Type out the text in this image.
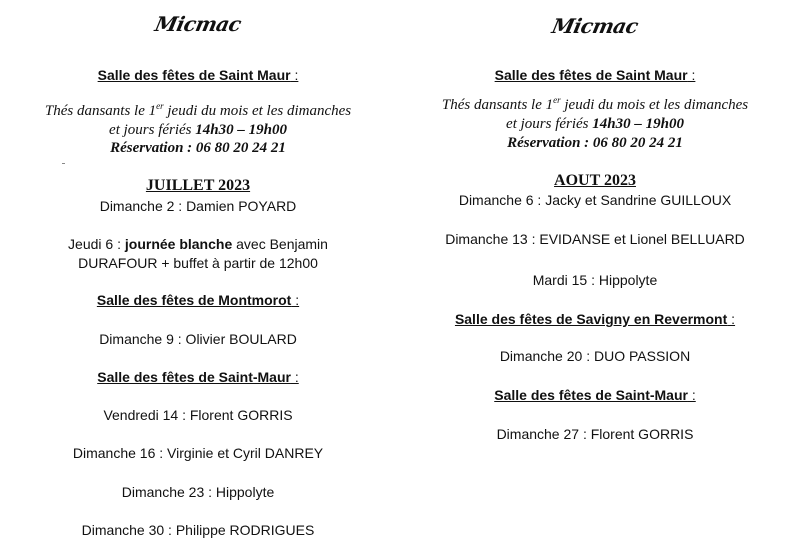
Micmac
Salle des fêtes de Saint Maur :
Thés dansants le 1er jeudi du mois et les dimanches
et jours fériés 14h30 – 19h00
Réservation : 06 80 20 24 21
JUILLET 2023
Dimanche 2 : Damien POYARD
Jeudi 6 : journée blanche avec Benjamin
DURAFOUR + buffet à partir de 12h00
Salle des fêtes de Montmorot :
Dimanche 9 : Olivier BOULARD
Salle des fêtes de Saint-Maur :
Vendredi 14 : Florent GORRIS
Dimanche 16 : Virginie et Cyril DANREY
Dimanche 23 : Hippolyte
Dimanche 30 : Philippe RODRIGUES
Micmac
Salle des fêtes de Saint Maur :
Thés dansants le 1er jeudi du mois et les dimanches
et jours fériés 14h30 – 19h00
Réservation : 06 80 20 24 21
AOUT 2023
Dimanche 6 : Jacky et Sandrine GUILLOUX
Dimanche 13 : EVIDANSE et Lionel BELLUARD
Mardi 15 : Hippolyte
Salle des fêtes de Savigny en Revermont :
Dimanche 20 : DUO PASSION
Salle des fêtes de Saint-Maur :
Dimanche 27 : Florent GORRIS
